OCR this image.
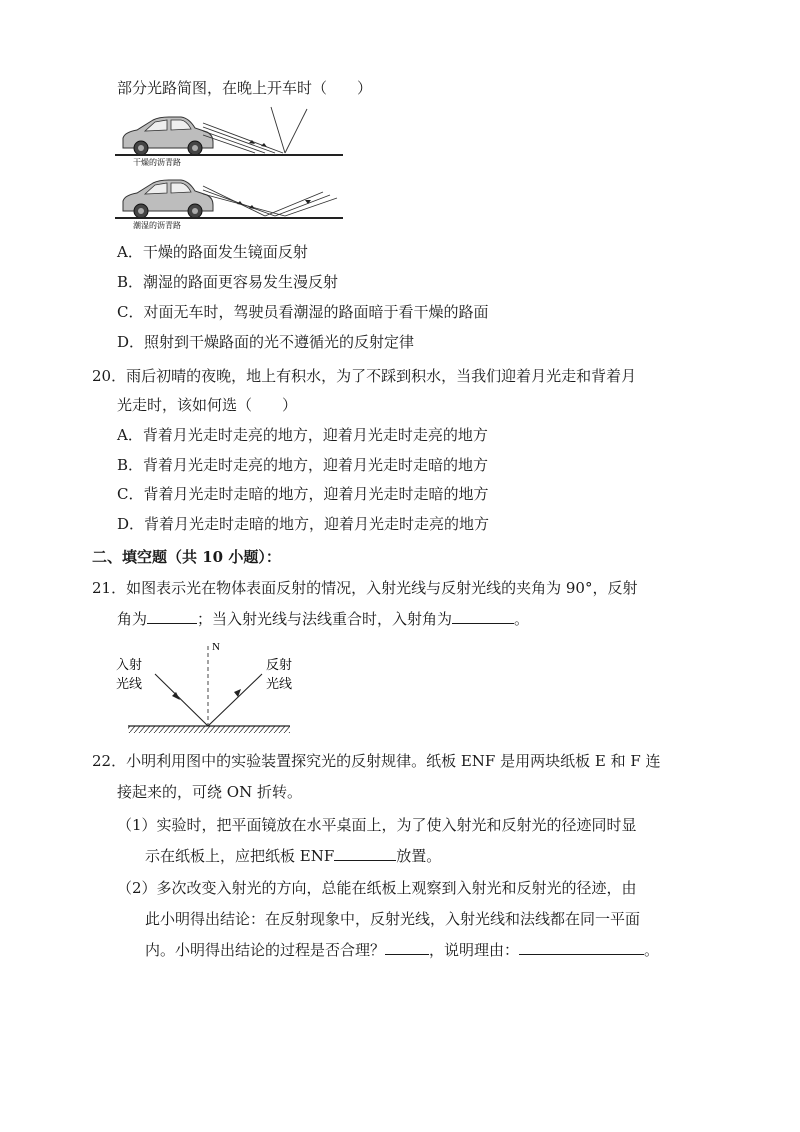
部分光路简图，在晚上开车时（　　）
干燥的沥青路
潮湿的沥青路
A．干燥的路面发生镜面反射
B．潮湿的路面更容易发生漫反射
C．对面无车时，驾驶员看潮湿的路面暗于看干燥的路面
D．照射到干燥路面的光不遵循光的反射定律
20．雨后初晴的夜晚，地上有积水，为了不踩到积水，当我们迎着月光走和背着月
光走时，该如何选（　　）
A．背着月光走时走亮的地方，迎着月光走时走亮的地方
B．背着月光走时走亮的地方，迎着月光走时走暗的地方
C．背着月光走时走暗的地方，迎着月光走时走暗的地方
D．背着月光走时走暗的地方，迎着月光走时走亮的地方
二、填空题（共 10 小题）：
21．如图表示光在物体表面反射的情况，入射光线与反射光线的夹角为 90°，反射
角为	；当入射光线与法线重合时，入射角为	。
N
入射
光线
反射
光线
22．小明利用图中的实验装置探究光的反射规律。纸板 ENF 是用两块纸板 E 和 F 连
接起来的，可绕 ON 折转。
（1）实验时，把平面镜放在水平桌面上，为了使入射光和反射光的径迹同时显
示在纸板上，应把纸板 ENF	放置。
（2）多次改变入射光的方向，总能在纸板上观察到入射光和反射光的径迹，由
此小明得出结论：在反射现象中，反射光线，入射光线和法线都在同一平面
内。小明得出结论的过程是否合理？	，说明理由：	。
